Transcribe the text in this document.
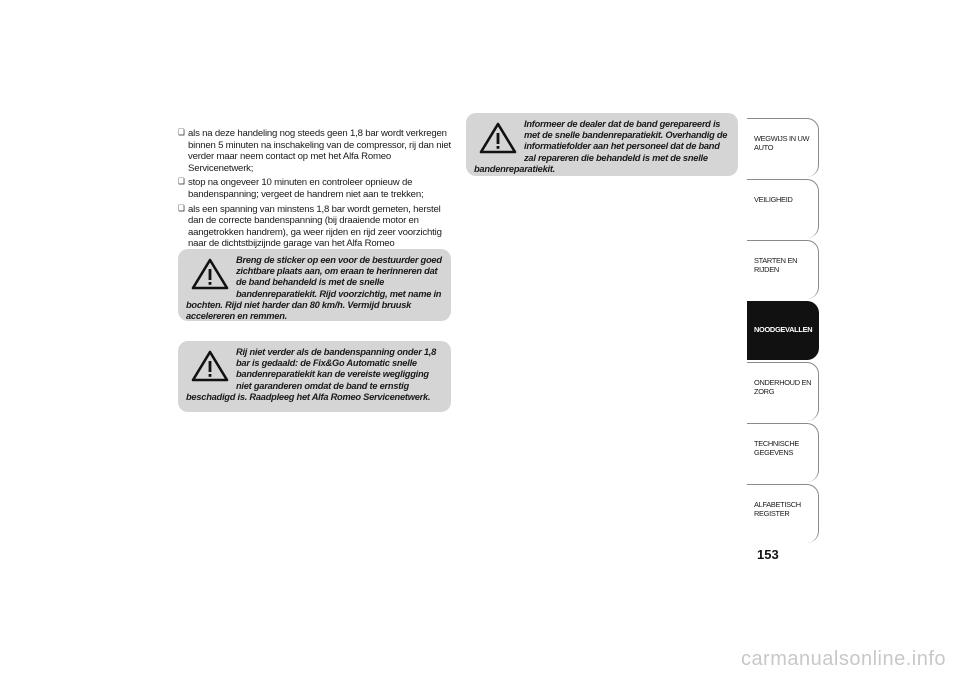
❏ als na deze handeling nog steeds geen 1,8 bar wordt verkregen binnen 5 minuten na inschakeling van de compressor, rij dan niet verder maar neem contact op met het Alfa Romeo Servicenetwerk;
❏ stop na ongeveer 10 minuten en controleer opnieuw de bandenspanning; vergeet de handrem niet aan te trekken;
❏ als een spanning van minstens 1,8 bar wordt gemeten, herstel dan de correcte bandenspanning (bij draaiende motor en aangetrokken handrem), ga weer rijden en rijd zeer voorzichtig naar de dichtstbijzijnde garage van het Alfa Romeo

Breng de sticker op een voor de bestuurder goed zichtbare plaats aan, om eraan te herinneren dat de band behandeld is met de snelle bandenreparatiekit. Rijd voorzichtig, met name in bochten. Rijd niet harder dan 80 km/h. Vermijd bruusk accelereren en remmen.

Rij niet verder als de bandenspanning onder 1,8 bar is gedaald: de Fix&Go Automatic snelle bandenreparatiekit kan de vereiste wegligging niet garanderen omdat de band te ernstig beschadigd is. Raadpleeg het Alfa Romeo Servicenetwerk.

Informeer de dealer dat de band gerepareerd is met de snelle bandenreparatiekit. Overhandig de informatiefolder aan het personeel dat de band zal repareren die behandeld is met de snelle bandenreparatiekit.

WEGWIJS IN UW AUTO
VEILIGHEID
STARTEN EN RIJDEN
NOODGEVALLEN
ONDERHOUD EN ZORG
TECHNISCHE GEGEVENS
ALFABETISCH REGISTER
153
carmanualsonline.info
